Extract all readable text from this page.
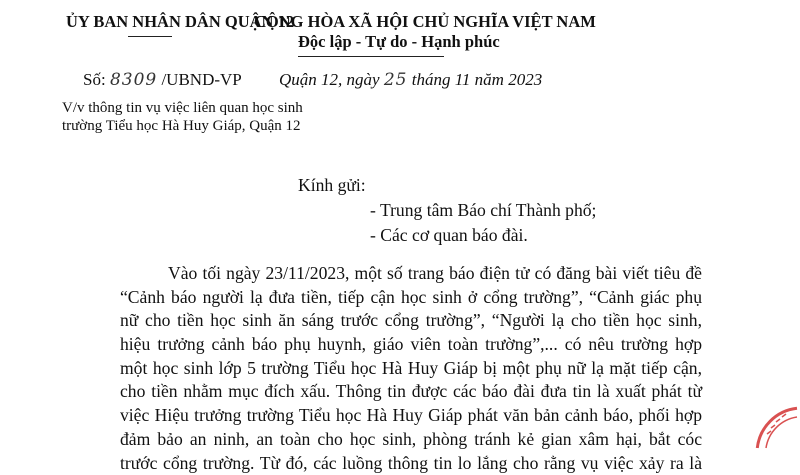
ỦY BAN NHÂN DÂN QUẬN 12
CỘNG HÒA XÃ HỘI CHỦ NGHĨA VIỆT NAM
Độc lập - Tự do - Hạnh phúc
Số: 8309 /UBND-VP
V/v thông tin vụ việc liên quan học sinh
trường Tiểu học Hà Huy Giáp, Quận 12
Quận 12, ngày 25 tháng 11 năm 2023
Kính gửi:
- Trung tâm Báo chí Thành phố;
- Các cơ quan báo đài.
Vào tối ngày 23/11/2023, một số trang báo điện tử có đăng bài viết tiêu đề
“Cảnh báo người lạ đưa tiền, tiếp cận học sinh ở cổng trường”, “Cảnh giác phụ
nữ cho tiền học sinh ăn sáng trước cổng trường”, “Người lạ cho tiền học sinh,
hiệu trưởng cảnh báo phụ huynh, giáo viên toàn trường”,... có nêu trường hợp
một học sinh lớp 5 trường Tiểu học Hà Huy Giáp bị một phụ nữ lạ mặt tiếp cận,
cho tiền nhằm mục đích xấu. Thông tin được các báo đài đưa tin là xuất phát từ
việc Hiệu trưởng trường Tiểu học Hà Huy Giáp phát văn bản cảnh báo, phối hợp
đảm bảo an ninh, an toàn cho học sinh, phòng tránh kẻ gian xâm hại, bắt cóc
trước cổng trường. Từ đó, các luồng thông tin lo lắng cho rằng vụ việc xảy ra là
